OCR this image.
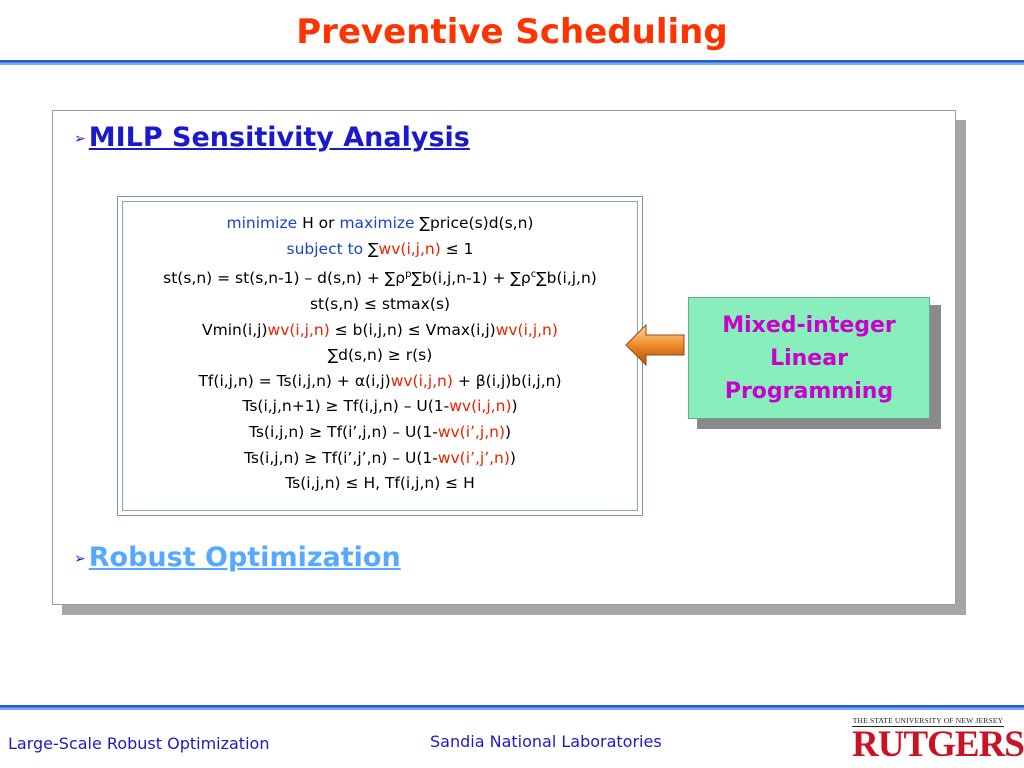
Preventive Scheduling
➢ MILP Sensitivity Analysis
minimize H or maximize ∑price(s)d(s,n)
subject to ∑wv(i,j,n) ≤ 1
$st(s,n) = st(s,n-1) - d(s,n) + \sum\rho^p\sum b(i,j,n-1) + \sum\rho^c\sum b(i,j,n)$
st(s,n) ≤ stmax(s)
Vmin(i,j)wv(i,j,n) ≤ b(i,j,n) ≤ Vmax(i,j)wv(i,j,n)
∑d(s,n) ≥ r(s)
Tf(i,j,n) = Ts(i,j,n) + α(i,j)wv(i,j,n) + β(i,j)b(i,j,n)
Ts(i,j,n+1) ≥ Tf(i,j,n) – U(1-wv(i,j,n))
Ts(i,j,n) ≥ Tf(i’,j,n) – U(1-wv(i’,j,n))
Ts(i,j,n) ≥ Tf(i’,j’,n) – U(1-wv(i’,j’,n))
Ts(i,j,n) ≤ H, Tf(i,j,n) ≤ H
Mixed-integer
Linear
Programming
➢ Robust Optimization
Large-Scale Robust Optimization	Sandia National Laboratories
THE STATE UNIVERSITY OF NEW JERSEY
RUTGERS
